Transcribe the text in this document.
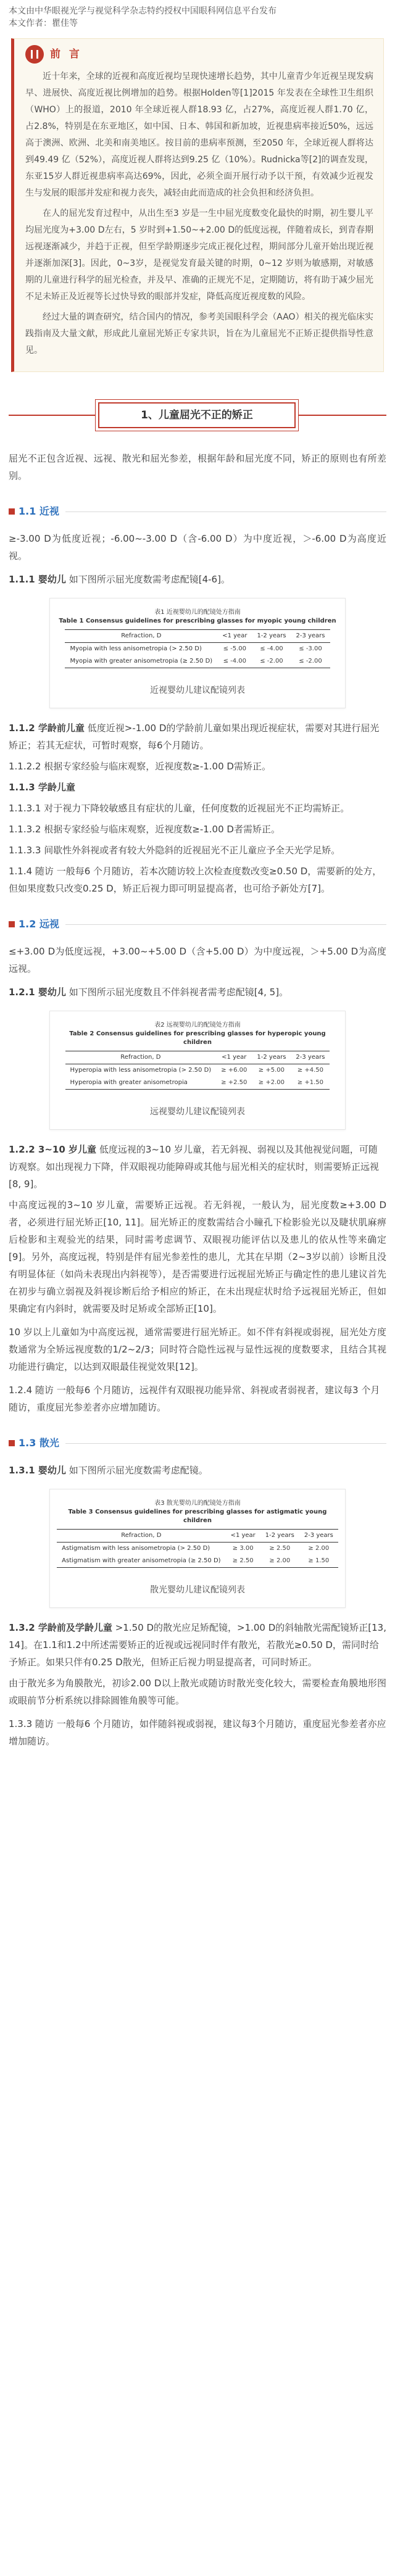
本文由中华眼视光学与视觉科学杂志特约授权中国眼科网信息平台发布
本文作者：瞿佳等
前 言

近十年来，全球的近视和高度近视均呈现快速增长趋势，其中儿童青少年近视呈现发病早、进展快、高度近视比例增加的趋势。根据Holden等[1]2015 年发表在全球性卫生组织（WHO）上的报道，2010 年全球近视人群18.93 亿，占27%，高度近视人群1.70 亿，占2.8%，特别是在东亚地区，如中国、日本、韩国和新加坡，近视患病率接近50%，远远高于澳洲、欧洲、北美和南美地区。按目前的患病率预测，至2050 年，全球近视人群将达到49.49 亿（52%），高度近视人群将达到9.25 亿（10%）。Rudnicka等[2]的调查发现，东亚15岁人群近视患病率高达69%，因此，必须全面开展行动予以干预，有效减少近视发生与发展的眼部并发症和视力丧失，减轻由此而造成的社会负担和经济负担。

在人的屈光发育过程中，从出生至3 岁是一生中屈光度数变化最快的时期，初生婴儿平均屈光度为+3.00 D左右，5 岁时到+1.50~+2.00 D的低度远视，伴随着成长，到青春期远视逐渐减少，并趋于正视，但至学龄期逐步完成正视化过程，期间部分儿童开始出现近视并逐渐加深[3]。因此，0~3岁，是视觉发育最关键的时期，0~12 岁则为敏感期，对敏感期的儿童进行科学的屈光检查，并及早、准确的正规光不足，定期随访，将有助于减少屈光不足未矫正及近视等长过快导致的眼部并发症，降低高度近视度数的风险。

经过大量的调查研究，结合国内的情况，参考美国眼科学会（AAO）相关的视光临床实践指南及大量文献，形成此儿童屈光矫正专家共识，旨在为儿童屈光不正矫正提供指导性意见。

1、儿童屈光不正的矫正

屈光不正包含近视、远视、散光和屈光参差，根据年龄和屈光度不同，矫正的原则也有所差别。

1.1 近视

≥-3.00 D为低度近视；-6.00~-3.00 D（含-6.00 D）为中度近视，＞-6.00 D为高度近视。

1.1.1 婴幼儿 如下图所示屈光度数需考虑配镜[4-6]。

表1 近视婴幼儿的配镜处方指南
Table 1 Consensus guidelines for prescribing glasses for myopic young children
Refraction, D	<1 year	1-2 years	2-3 years
Myopia with less anisometropia (> 2.50 D)	≤ -5.00	≤ -4.00	≤ -3.00
Myopia with greater anisometropia (≥ 2.50 D)	≤ -4.00	≤ -2.00	≤ -2.00
近视婴幼儿建议配镜列表

1.1.2 学龄前儿童 低度近视>-1.00 D的学龄前儿童如果出现近视症状，需要对其进行屈光矫正；若其无症状，可暂时观察，每6个月随访。

1.1.2.2 根据专家经验与临床观察，近视度数≥-1.00 D需矫正。

1.1.3 学龄儿童

1.1.3.1 对于视力下降较敏感且有症状的儿童，任何度数的近视屈光不正均需矫正。

1.1.3.2 根据专家经验与临床观察，近视度数≥-1.00 D者需矫正。

1.1.3.3 间歇性外斜视或者有较大外隐斜的近视屈光不正儿童应予全天光学足矫。

1.1.4 随访 一般每6 个月随访，若本次随访较上次检查度数改变≥0.50 D，需要新的处方，但如果度数只改变0.25 D，矫正后视力即可明显提高者，也可给予新处方[7]。

1.2 远视

≤+3.00 D为低度远视，+3.00~+5.00 D（含+5.00 D）为中度远视，＞+5.00 D为高度远视。

1.2.1 婴幼儿 如下图所示屈光度数且不伴斜视者需考虑配镜[4, 5]。

表2 远视婴幼儿的配镜处方指南
Table 2 Consensus guidelines for prescribing glasses for hyperopic young children
Refraction, D	<1 year	1-2 years	2-3 years
Hyperopia with less anisometropia (> 2.50 D)	≥ +6.00	≥ +5.00	≥ +4.50
Hyperopia with greater anisometropia	≥ +2.50	≥ +2.00	≥ +1.50
远视婴幼儿建议配镜列表

1.2.2 3~10 岁儿童 低度远视的3~10 岁儿童，若无斜视、弱视以及其他视觉问题，可随访观察。如出现视力下降，伴双眼视功能障碍或其他与屈光相关的症状时，则需要矫正远视[8, 9]。

中高度远视的3~10 岁儿童，需要矫正远视。若无斜视，一般认为，屈光度数≥+3.00 D者，必须进行屈光矫正[10, 11]。屈光矫正的度数需结合小瞳孔下检影验光以及睫状肌麻痹后检影和主观验光的结果，同时需考虑调节、双眼视功能评估以及患儿的依从性等来确定[9]。另外，高度远视，特别是伴有屈光参差性的患儿，尤其在早期（2~3岁以前）诊断且没有明显体征（如尚未表现出内斜视等），是否需要进行远视屈光矫正与确定性的患儿建议首先在初步与确立弱视及斜视诊断后给予相应的矫正，在未出现症状时给予远视屈光矫正，但如果确定有内斜时，就需要及时足矫或全部矫正[10]。

10 岁以上儿童如为中高度远视，通常需要进行屈光矫正。如不伴有斜视或弱视，屈光处方度数通常为全矫远视度数的1/2~2/3；同时符合隐性远视与显性远视的度数要求，且结合其视功能进行确定，以达到双眼最佳视觉效果[12]。

1.2.4 随访 一般每6 个月随访，远视伴有双眼视功能异常、斜视或者弱视者，建议每3 个月随访，重度屈光参差者亦应增加随访。

1.3 散光

1.3.1 婴幼儿 如下图所示屈光度数需考虑配镜。

表3 散光婴幼儿的配镜处方指南
Table 3 Consensus guidelines for prescribing glasses for astigmatic young children
Refraction, D	<1 year	1-2 years	2-3 years
Astigmatism with less anisometropia (> 2.50 D)	≥ 3.00	≥ 2.50	≥ 2.00
Astigmatism with greater anisometropia (≥ 2.50 D)	≥ 2.50	≥ 2.00	≥ 1.50
散光婴幼儿建议配镜列表

1.3.2 学龄前及学龄儿童 >1.50 D的散光应足矫配镜，>1.00 D的斜轴散光需配镜矫正[13, 14]。在1.1和1.2中所述需要矫正的近视或远视同时伴有散光，若散光≥0.50 D，需同时给予矫正。如果只伴有0.25 D散光，但矫正后视力明显提高者，可同时矫正。

由于散光多为角膜散光，初诊2.00 D以上散光或随访时散光变化较大，需要检查角膜地形图或眼前节分析系统以排除圆锥角膜等可能。

1.3.3 随访 一般每6 个月随访，如伴随斜视或弱视，建议每3个月随访，重度屈光参差者亦应增加随访。
